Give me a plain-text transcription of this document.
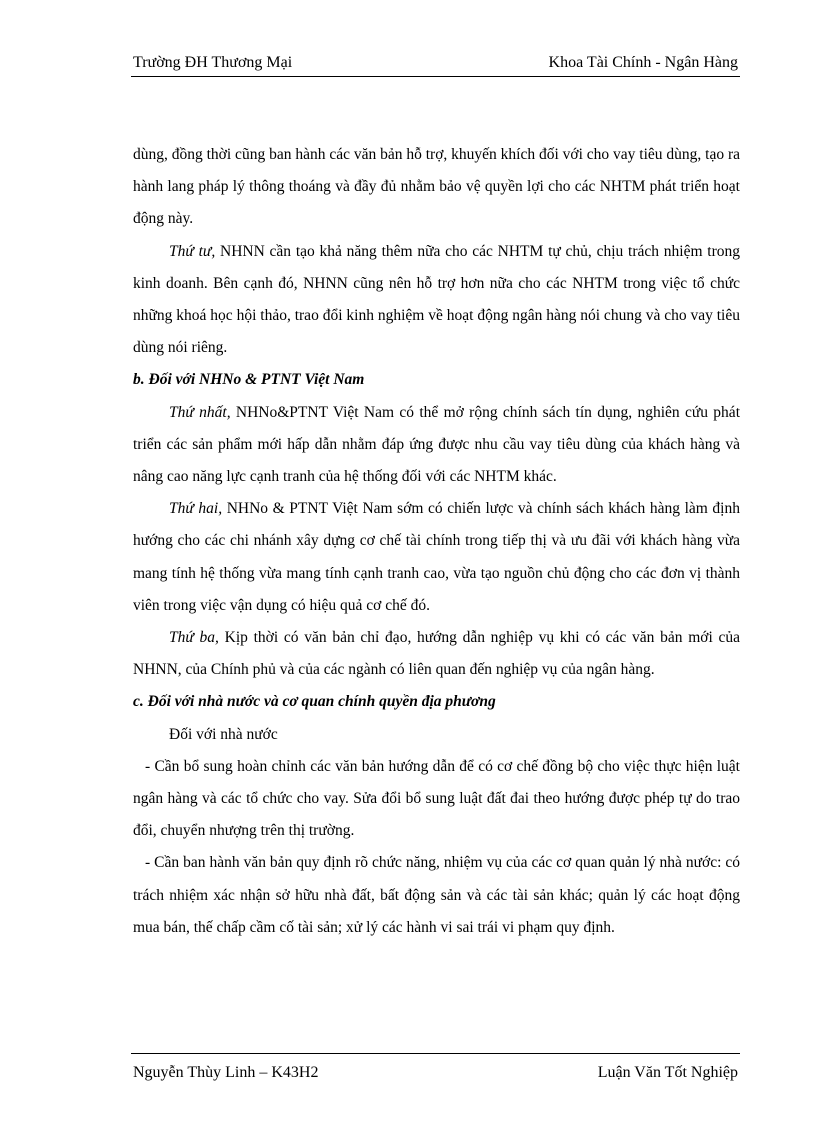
Trường ĐH Thương Mại	Khoa Tài Chính - Ngân Hàng

dùng, đồng thời cũng ban hành các văn bản hỗ trợ, khuyến khích đối với cho vay tiêu dùng, tạo ra hành lang pháp lý thông thoáng và đầy đủ nhằm bảo vệ quyền lợi cho các NHTM phát triển hoạt động này.

Thứ tư, NHNN cần tạo khả năng thêm nữa cho các NHTM tự chủ, chịu trách nhiệm trong kinh doanh. Bên cạnh đó, NHNN cũng nên hỗ trợ hơn nữa cho các NHTM trong việc tổ chức những khoá học hội thảo, trao đổi kinh nghiệm về hoạt động ngân hàng nói chung và cho vay tiêu dùng nói riêng.

b. Đối với NHNo & PTNT Việt Nam

Thứ nhất, NHNo&PTNT Việt Nam có thể mở rộng chính sách tín dụng, nghiên cứu phát triển các sản phẩm mới hấp dẫn nhằm đáp ứng được nhu cầu vay tiêu dùng của khách hàng và nâng cao năng lực cạnh tranh của hệ thống đối với các NHTM khác.

Thứ hai, NHNo & PTNT Việt Nam sớm có chiến lược và chính sách khách hàng làm định hướng cho các chi nhánh xây dựng cơ chế tài chính trong tiếp thị và ưu đãi với khách hàng vừa mang tính hệ thống vừa mang tính cạnh tranh cao, vừa tạo nguồn chủ động cho các đơn vị thành viên trong việc vận dụng có hiệu quả cơ chế đó.

Thứ ba, Kịp thời có văn bản chỉ đạo, hướng dẫn nghiệp vụ khi có các văn bản mới của NHNN, của Chính phủ và của các ngành có liên quan đến nghiệp vụ của ngân hàng.

c. Đối với nhà nước và cơ quan chính quyền địa phương

Đối với nhà nước

- Cần bổ sung hoàn chỉnh các văn bản hướng dẫn để có cơ chế đồng bộ cho việc thực hiện luật ngân hàng và các tổ chức cho vay. Sửa đổi bổ sung luật đất đai theo hướng được phép tự do trao đổi, chuyển nhượng trên thị trường.

- Cần ban hành văn bản quy định rõ chức năng, nhiệm vụ của các cơ quan quản lý nhà nước: có trách nhiệm xác nhận sở hữu nhà đất, bất động sản và các tài sản khác; quản lý các hoạt động mua bán, thế chấp cầm cố tài sản; xử lý các hành vi sai trái vi phạm quy định.

Nguyễn Thùy Linh – K43H2	Luận Văn Tốt Nghiệp
